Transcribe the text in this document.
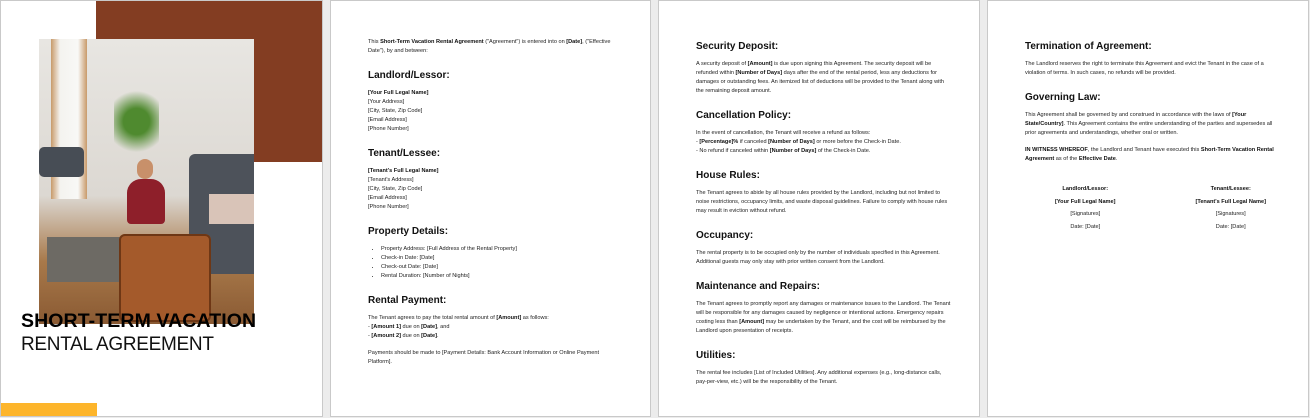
SHORT-TERM VACATION
RENTAL AGREEMENT

This Short-Term Vacation Rental Agreement ("Agreement") is entered into on [Date], ("Effective Date"), by and between:

Landlord/Lessor:

[Your Full Legal Name]

[Your Address]

[City, State, Zip Code]

[Email Address]

[Phone Number]

Tenant/Lessee:

[Tenant's Full Legal Name]

[Tenant's Address]

[City, State, Zip Code]

[Email Address]

[Phone Number]

Property Details:
• Property Address: [Full Address of the Rental Property]
• Check-in Date: [Date]
• Check-out Date: [Date]
• Rental Duration: [Number of Nights]
Rental Payment:

The Tenant agrees to pay the total rental amount of [Amount] as follows:

- [Amount 1] due on [Date], and

- [Amount 2] due on [Date].

Payments should be made to [Payment Details: Bank Account Information or Online Payment Platform].

Security Deposit:

A security deposit of [Amount] is due upon signing this Agreement. The security deposit will be refunded within [Number of Days] days after the end of the rental period, less any deductions for damages or outstanding fees. An itemized list of deductions will be provided to the Tenant along with the remaining deposit amount.

Cancellation Policy:

In the event of cancellation, the Tenant will receive a refund as follows:

- [Percentage]% if canceled [Number of Days] or more before the Check-in Date.

- No refund if canceled within [Number of Days] of the Check-in Date.

House Rules:

The Tenant agrees to abide by all house rules provided by the Landlord, including but not limited to noise restrictions, occupancy limits, and waste disposal guidelines. Failure to comply with house rules may result in eviction without refund.

Occupancy:

The rental property is to be occupied only by the number of individuals specified in this Agreement. Additional guests may only stay with prior written consent from the Landlord.

Maintenance and Repairs:

The Tenant agrees to promptly report any damages or maintenance issues to the Landlord. The Tenant will be responsible for any damages caused by negligence or intentional actions. Emergency repairs costing less than [Amount] may be undertaken by the Tenant, and the cost will be reimbursed by the Landlord upon presentation of receipts.

Utilities:

The rental fee includes [List of Included Utilities]. Any additional expenses (e.g., long-distance calls, pay-per-view, etc.) will be the responsibility of the Tenant.

Termination of Agreement:

The Landlord reserves the right to terminate this Agreement and evict the Tenant in the case of a violation of terms. In such cases, no refunds will be provided.

Governing Law:

This Agreement shall be governed by and construed in accordance with the laws of [Your State/Country]. This Agreement contains the entire understanding of the parties and supersedes all prior agreements and understandings, whether oral or written.

IN WITNESS WHEREOF, the Landlord and Tenant have executed this Short-Term Vacation Rental Agreement as of the Effective Date.

Landlord/Lessor:
[Your Full Legal Name]
[Signatures]
Date: [Date]
Tenant/Lessee:
[Tenant's Full Legal Name]
[Signatures]
Date: [Date]
